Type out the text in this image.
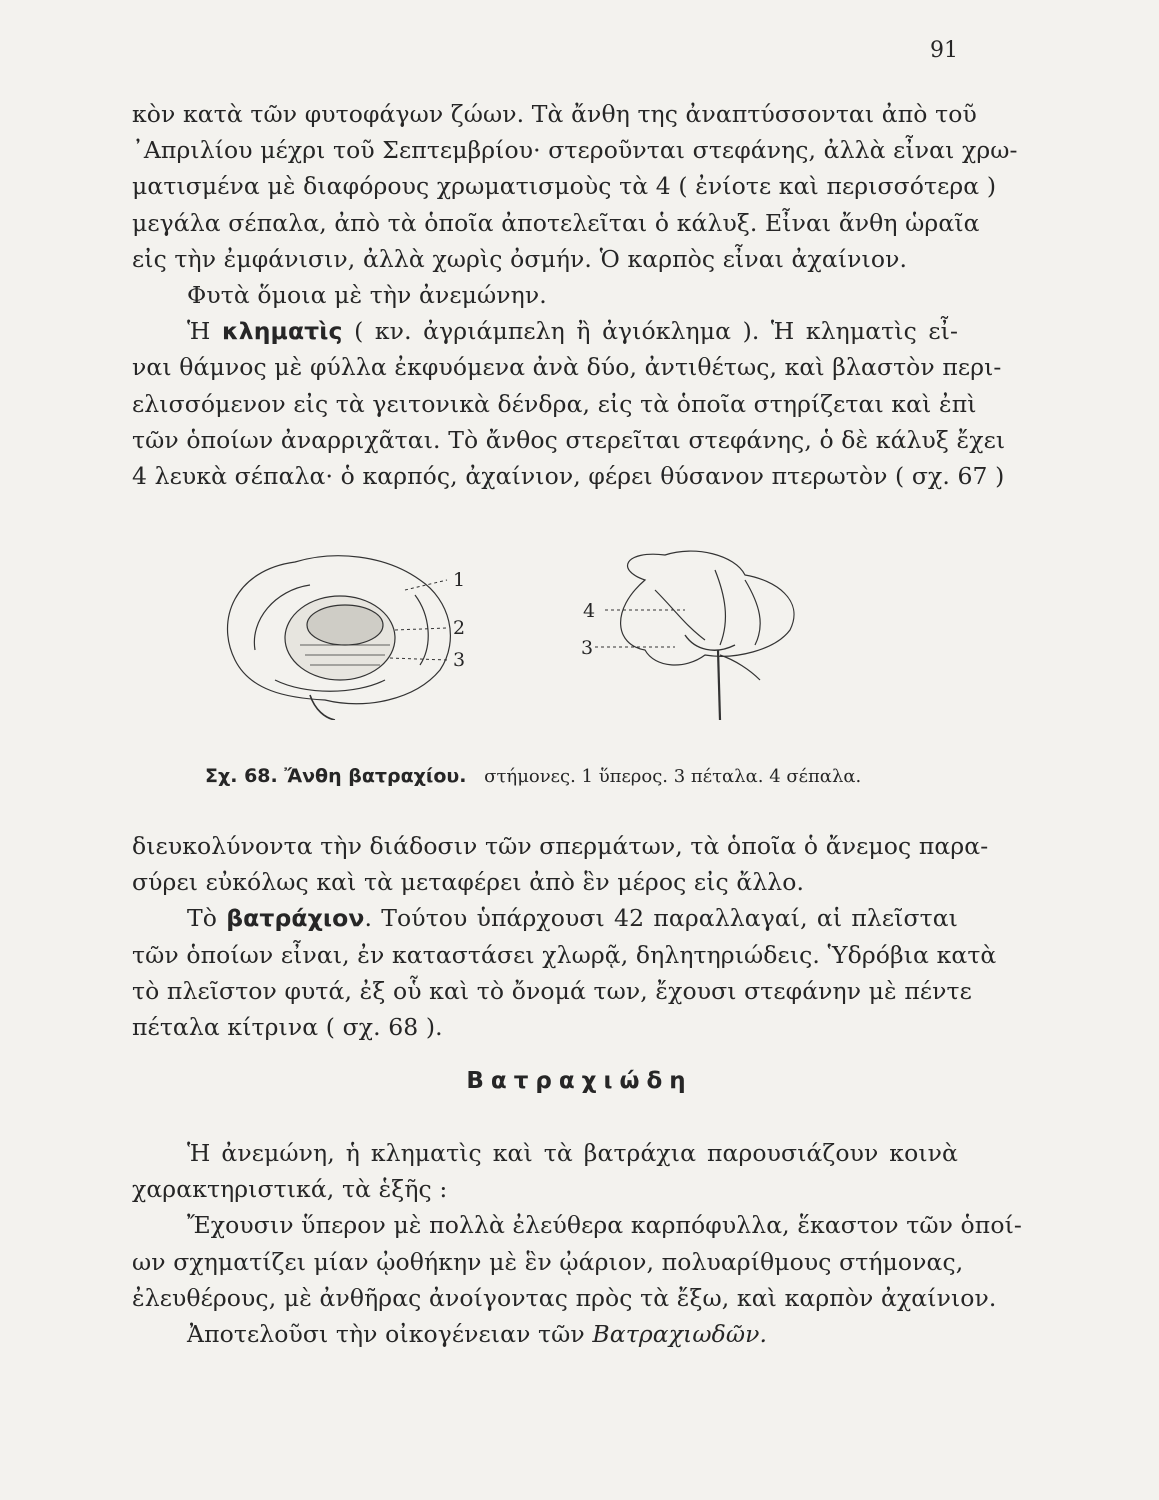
91
κὸν κατὰ τῶν φυτοφάγων ζώων. Τὰ ἄνθη της ἀναπτύσσονται ἀπὸ τοῦ
᾿Απριλίου μέχρι τοῦ Σεπτεμβρίου· στεροῦνται στεφάνης, ἀλλὰ εἶναι χρω-
ματισμένα μὲ διαφόρους χρωματισμοὺς τὰ 4 ( ἐνίοτε καὶ περισσότερα )
μεγάλα σέπαλα, ἀπὸ τὰ ὁποῖα ἀποτελεῖται ὁ κάλυξ. Εἶναι ἄνθη ὡραῖα
εἰς τὴν ἐμφάνισιν, ἀλλὰ χωρὶς ὀσμήν. Ὁ καρπὸς εἶναι ἀχαίνιον.
Φυτὰ ὅμοια μὲ τὴν ἀνεμώνην.
Ἡ κληματὶς ( κν. ἀγριάμπελη ἢ ἀγιόκλημα ). Ἡ κληματὶς εἶ-
ναι θάμνος μὲ φύλλα ἐκφυόμενα ἀνὰ δύο, ἀντιθέτως, καὶ βλαστὸν περι-
ελισσόμενον εἰς τὰ γειτονικὰ δένδρα, εἰς τὰ ὁποῖα στηρίζεται καὶ ἐπὶ
τῶν ὁποίων ἀναρριχᾶται. Τὸ ἄνθος στερεῖται στεφάνης, ὁ δὲ κάλυξ ἔχει
4 λευκὰ σέπαλα· ὁ καρπός, ἀχαίνιον, φέρει θύσανον πτερωτὸν ( σχ. 67 )
1
2
3
4
3
Σχ. 68. Ἄνθη βατραχίου. στήμονες. 1 ὕπερος. 3 πέταλα. 4 σέπαλα.
διευκολύνοντα τὴν διάδοσιν τῶν σπερμάτων, τὰ ὁποῖα ὁ ἄνεμος παρα-
σύρει εὐκόλως καὶ τὰ μεταφέρει ἀπὸ ἓν μέρος εἰς ἄλλο.
Τὸ βατράχιον. Τούτου ὑπάρχουσι 42 παραλλαγαί, αἱ πλεῖσται
τῶν ὁποίων εἶναι, ἐν καταστάσει χλωρᾷ, δηλητηριώδεις. Ὑδρόβια κατὰ
τὸ πλεῖστον φυτά, ἐξ οὗ καὶ τὸ ὄνομά των, ἔχουσι στεφάνην μὲ πέντε
πέταλα κίτρινα ( σχ. 68 ).
Βατραχιώδη
Ἡ ἀνεμώνη, ἡ κληματὶς καὶ τὰ βατράχια παρουσιάζουν κοινὰ
χαρακτηριστικά, τὰ ἑξῆς :
Ἔχουσιν ὕπερον μὲ πολλὰ ἐλεύθερα καρπόφυλλα, ἕκαστον τῶν ὁποί-
ων σχηματίζει μίαν ᾠοθήκην μὲ ἓν ᾠάριον, πολυαρίθμους στήμονας,
ἐλευθέρους, μὲ ἀνθῆρας ἀνοίγοντας πρὸς τὰ ἔξω, καὶ καρπὸν ἀχαίνιον.
Ἀποτελοῦσι τὴν οἰκογένειαν τῶν Βατραχιωδῶν.
